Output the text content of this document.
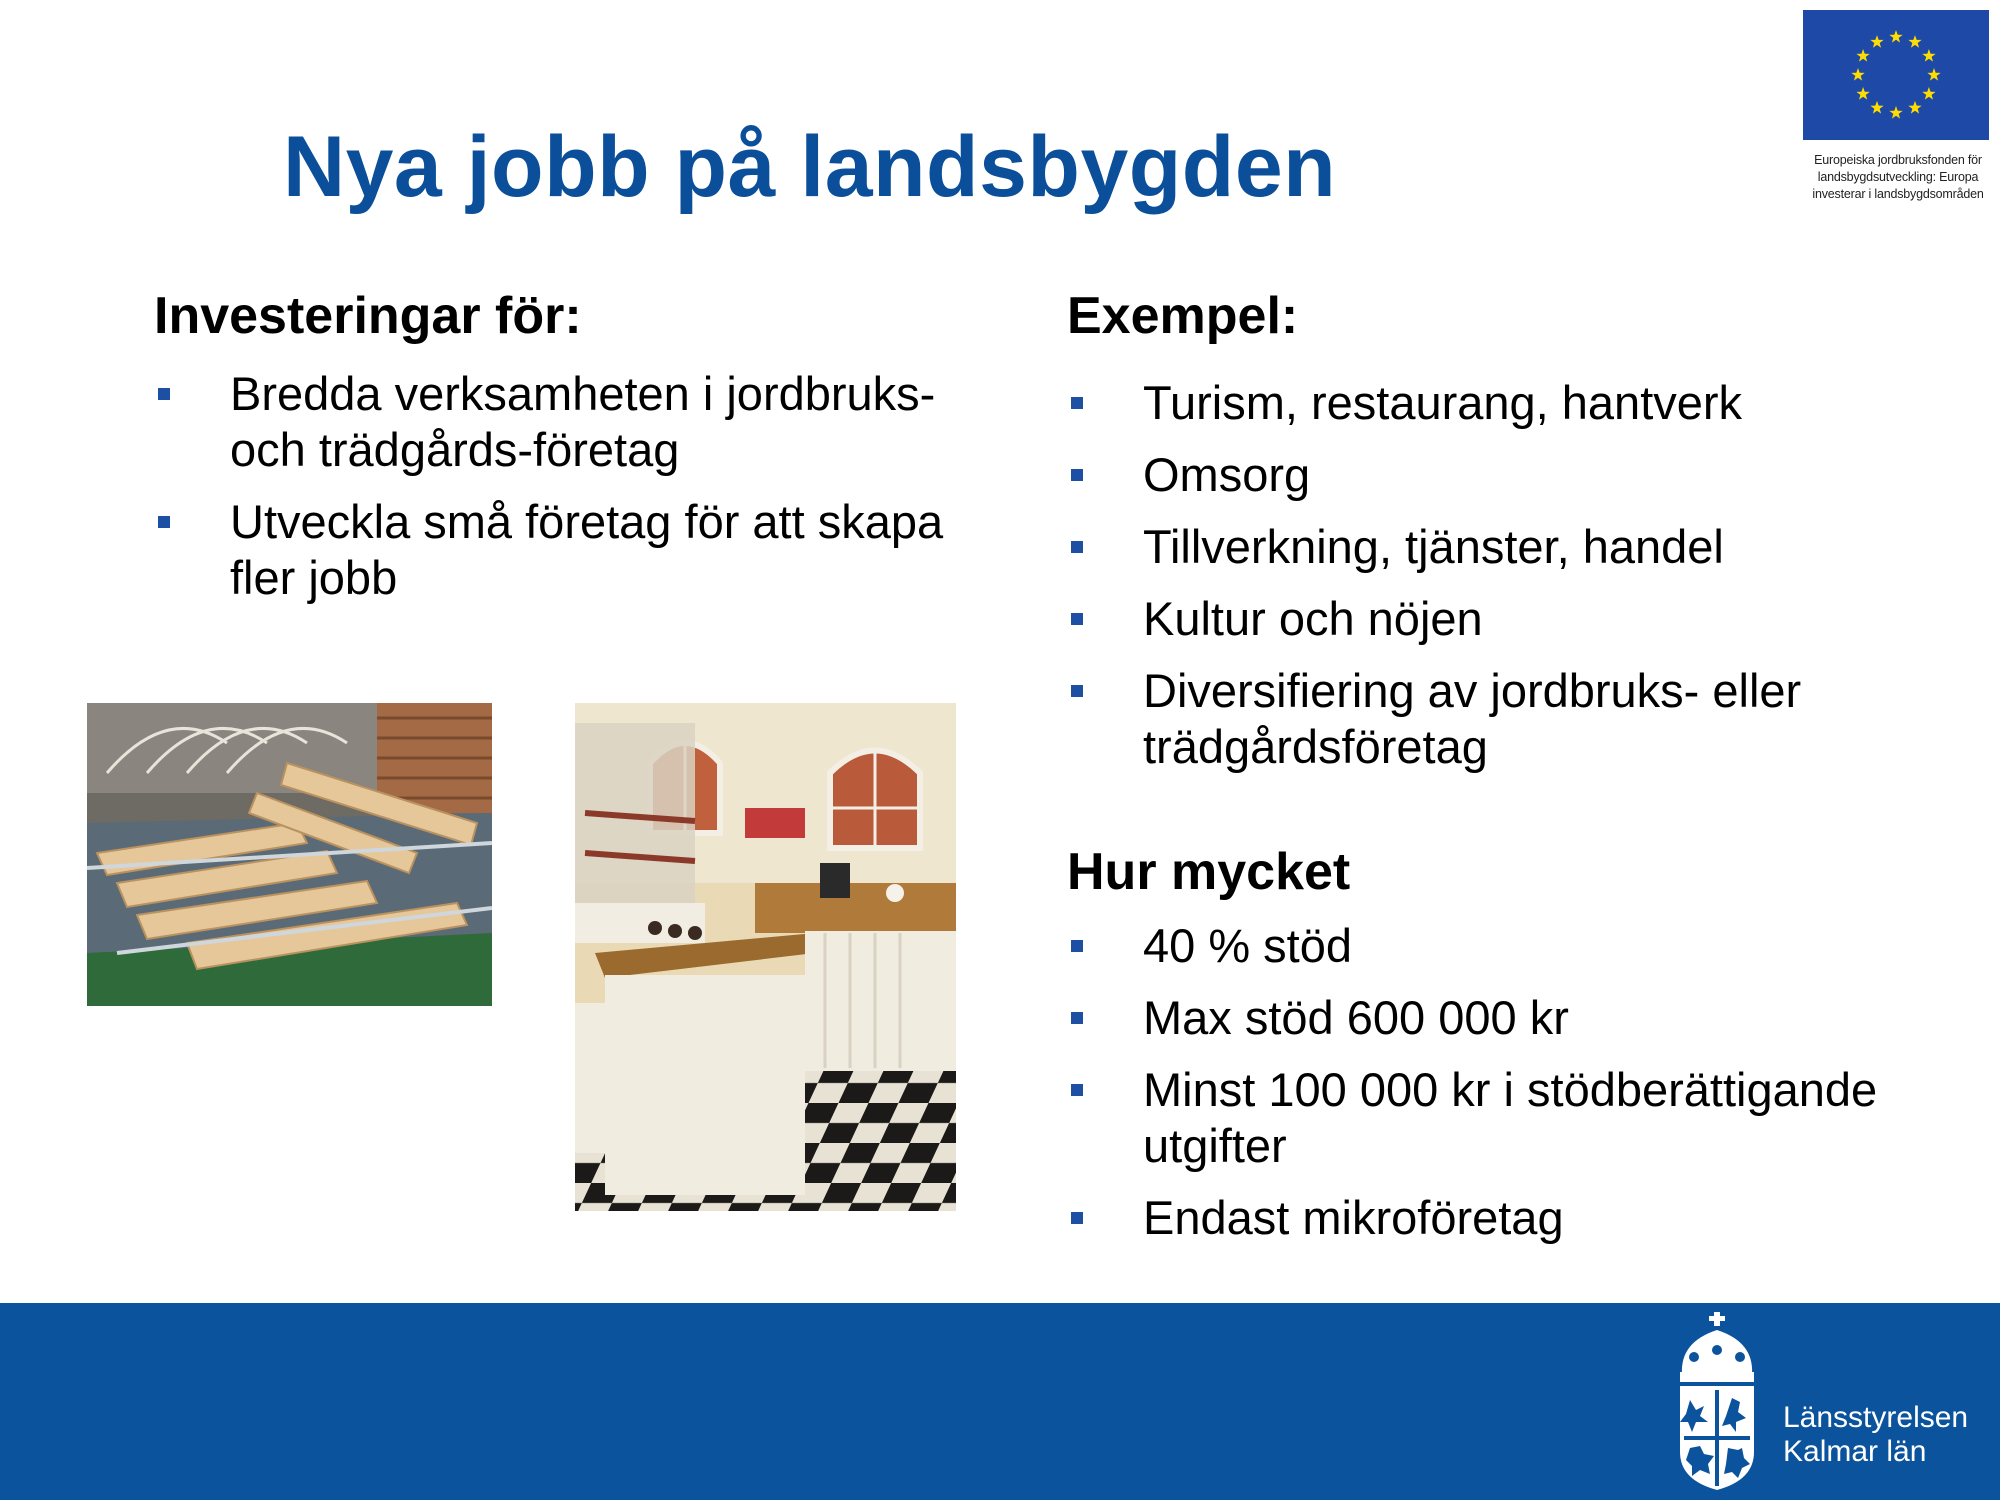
Nya jobb på landsbygden	Europeiska jordbruksfonden för
landsbygdsutveckling: Europa
investerar i landsbygdsområden
Investeringar för:
Bredda verksamheten i jordbruks-
och trädgårds-företag
Utveckla små företag för att skapa
fler jobb
Exempel:
Turism, restaurang, hantverk
Omsorg
Tillverkning, tjänster, handel
Kultur och nöjen
Diversifiering av jordbruks- eller
trädgårdsföretag
Hur mycket
40 % stöd
Max stöd 600 000 kr
Minst 100 000 kr i stödberättigande
utgifter
Endast mikroföretag
Länsstyrelsen
Kalmar län
